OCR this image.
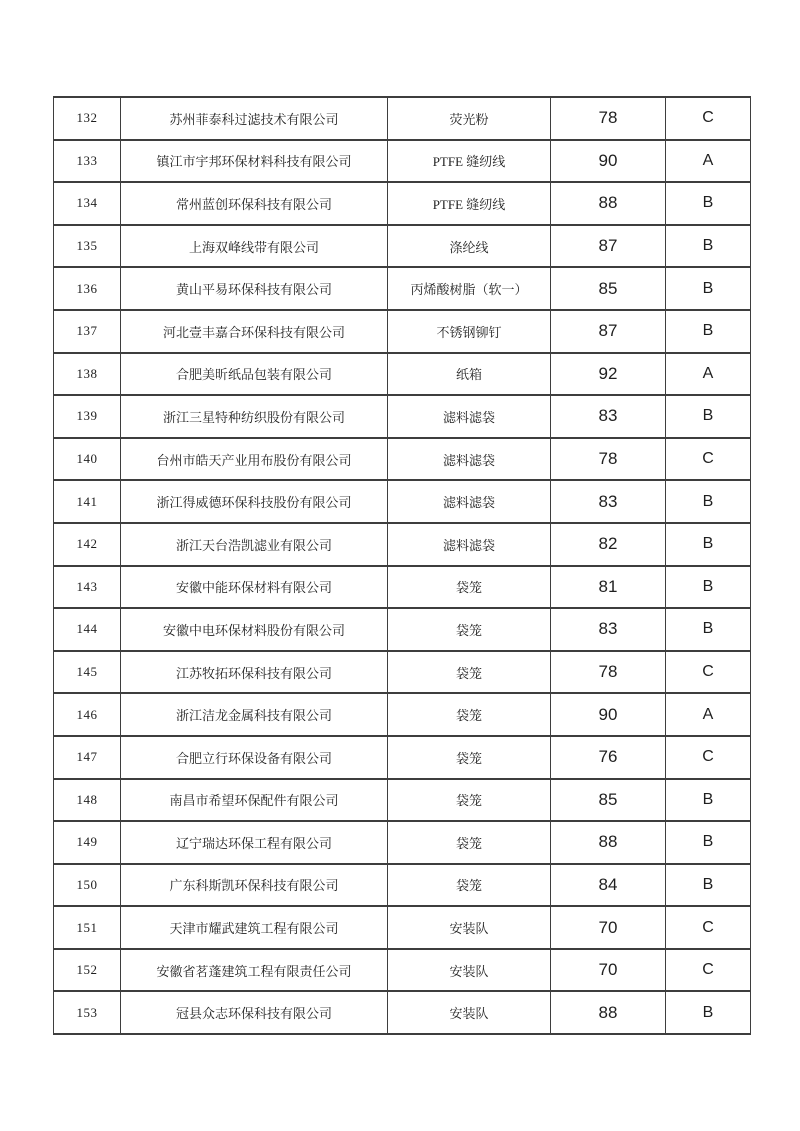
132	苏州菲泰科过滤技术有限公司	荧光粉	78	C
133	镇江市宇邦环保材料科技有限公司	PTFE 缝纫线	90	A
134	常州蓝创环保科技有限公司	PTFE 缝纫线	88	B
135	上海双峰线带有限公司	涤纶线	87	B
136	黄山平易环保科技有限公司	丙烯酸树脂（软一）	85	B
137	河北壹丰嘉合环保科技有限公司	不锈钢铆钉	87	B
138	合肥美昕纸品包装有限公司	纸箱	92	A
139	浙江三星特种纺织股份有限公司	滤料滤袋	83	B
140	台州市皓天产业用布股份有限公司	滤料滤袋	78	C
141	浙江得威德环保科技股份有限公司	滤料滤袋	83	B
142	浙江天台浩凯滤业有限公司	滤料滤袋	82	B
143	安徽中能环保材料有限公司	袋笼	81	B
144	安徽中电环保材料股份有限公司	袋笼	83	B
145	江苏牧拓环保科技有限公司	袋笼	78	C
146	浙江洁龙金属科技有限公司	袋笼	90	A
147	合肥立行环保设备有限公司	袋笼	76	C
148	南昌市希望环保配件有限公司	袋笼	85	B
149	辽宁瑞达环保工程有限公司	袋笼	88	B
150	广东科斯凯环保科技有限公司	袋笼	84	B
151	天津市耀武建筑工程有限公司	安装队	70	C
152	安徽省茗蓬建筑工程有限责任公司	安装队	70	C
153	冠县众志环保科技有限公司	安装队	88	B
